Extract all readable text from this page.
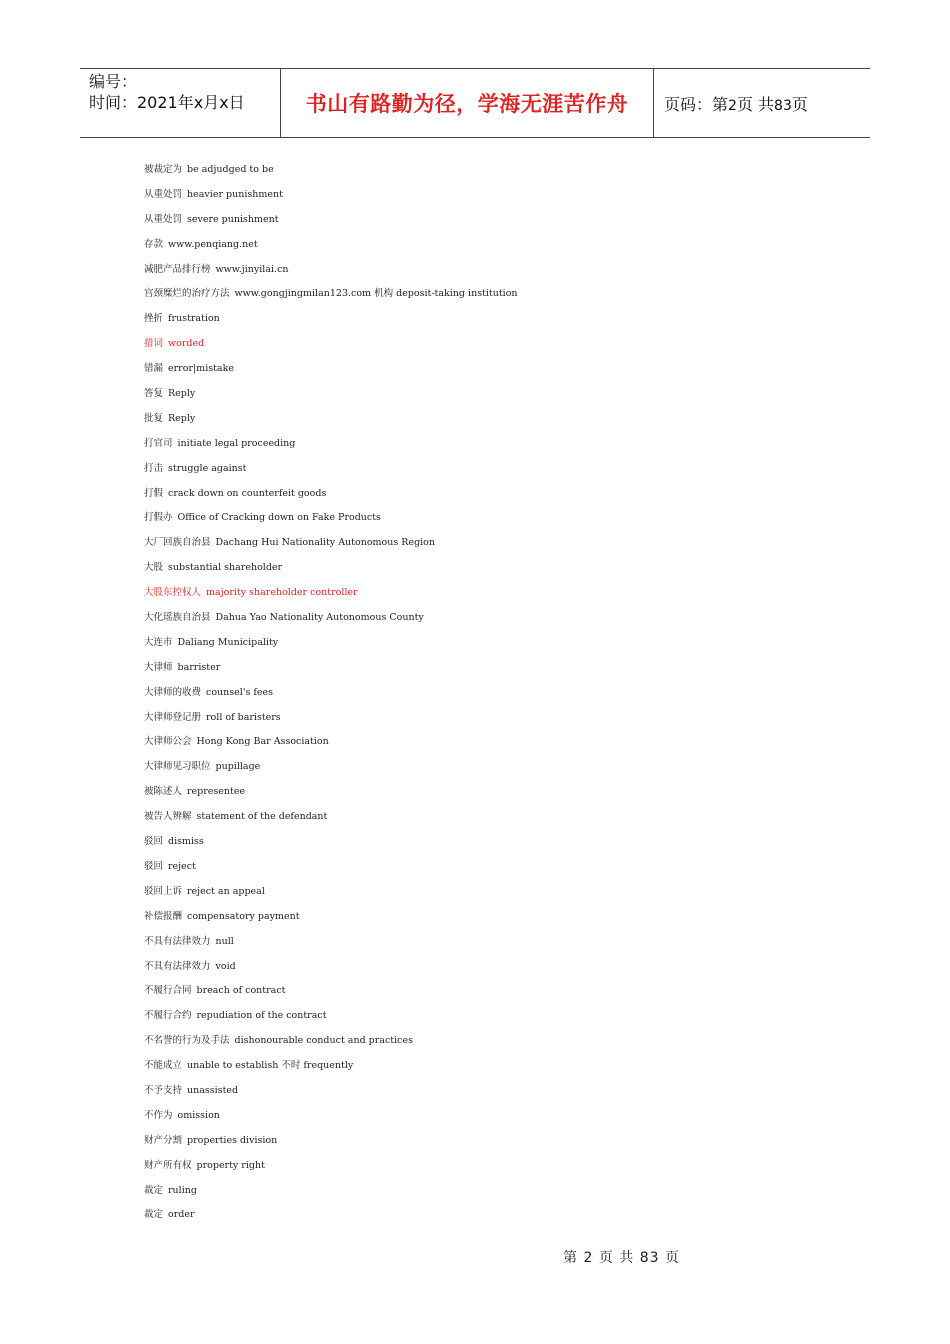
编号：
时间：2021年x月x日	书山有路勤为径，学海无涯苦作舟 页码：第2页 共83页
被裁定为 be adjudged to be
从重处罚 heavier punishment
从重处罚 severe punishment
存款 www.penqiang.net
减肥产品排行榜 www.jinyilai.cn
宫颈糜烂的治疗方法 www.gongjingmilan123.com 机构 deposit-taking institution
挫折 frustration
措词 worded
错漏 error|mistake
答复 Reply
批复 Reply
打官司 initiate legal proceeding
打击 struggle against
打假 crack down on counterfeit goods
打假办 Office of Cracking down on Fake Products
大厂回族自治县 Dachang Hui Nationality Autonomous Region
大股 substantial shareholder
大股东控权人 majority shareholder controller
大化瑶族自治县 Dahua Yao Nationality Autonomous County
大连市 Daliang Municipality
大律师 barrister
大律师的收费 counsel's fees
大律师登记册 roll of baristers
大律师公会 Hong Kong Bar Association
大律师见习职位 pupillage
被陈述人 representee
被告人辨解 statement of the defendant
驳回 dismiss
驳回 reject
驳回上诉 reject an appeal
补偿报酬 compensatory payment
不具有法律效力 null
不具有法律效力 void
不履行合同 breach of contract
不履行合约 repudiation of the contract
不名誉的行为及手法 dishonourable conduct and practices
不能成立 unable to establish 不时 frequently
不予支持 unassisted
不作为 omission
财产分割 properties division
财产所有权 property right
裁定 ruling
裁定 order
第 2 页 共 83 页
